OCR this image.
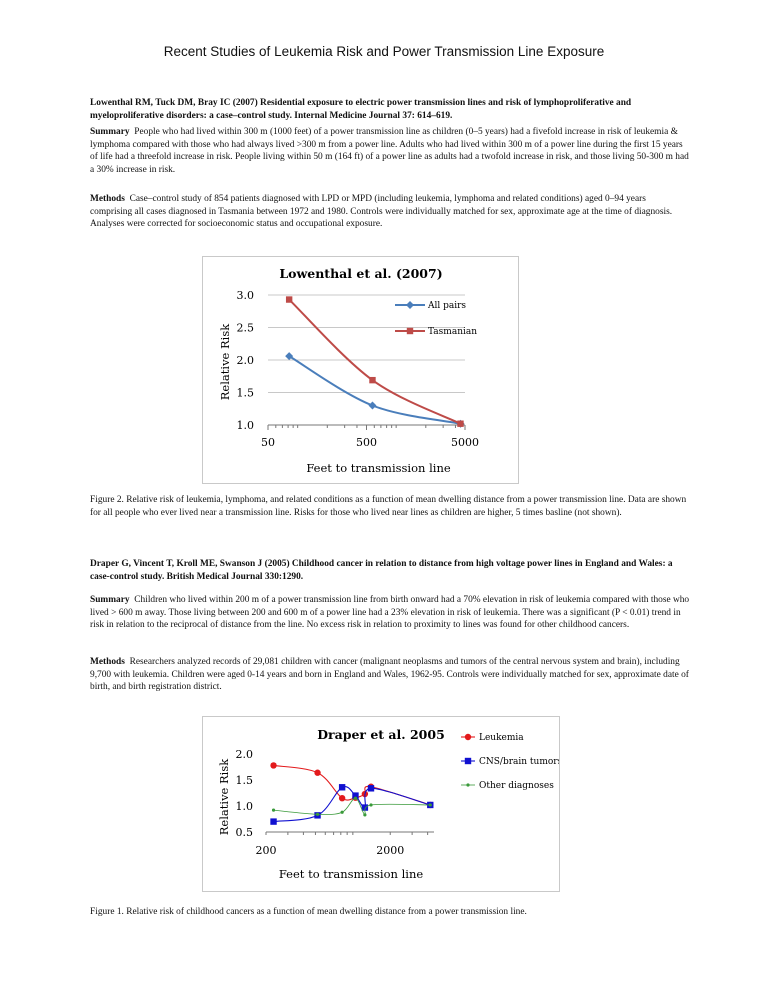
Recent Studies of Leukemia Risk and Power Transmission Line Exposure
Lowenthal RM, Tuck DM, Bray IC (2007) Residential exposure to electric power transmission lines and risk of lymphoproliferative and myeloproliferative disorders: a case–control study. Internal Medicine Journal 37: 614–619.
Summary People who had lived within 300 m (1000 feet) of a power transmission line as children (0–5 years) had a fivefold increase in risk of leukemia & lymphoma compared with those who had always lived >300 m from a power line. Adults who had lived within 300 m of a power line during the first 15 years of life had a threefold increase in risk. People living within 50 m (164 ft) of a power line as adults had a twofold increase in risk, and those living 50-300 m had a 30% increase in risk.
Methods Case–control study of 854 patients diagnosed with LPD or MPD (including leukemia, lymphoma and related conditions) aged 0–94 years comprising all cases diagnosed in Tasmania between 1972 and 1980. Controls were individually matched for sex, approximate age at the time of diagnosis. Analyses were corrected for socioeconomic status and occupational exposure.
Lowenthal et al. (2007)
1.0
1.5
2.0
2.5
3.0
50	500	5000
Feet to transmission line
Relative Risk
All pairs
Tasmanian
Figure 2. Relative risk of leukemia, lymphoma, and related conditions as a function of mean dwelling distance from a power transmission line. Data are shown for all people who ever lived near a transmission line. Risks for those who lived near lines as children are higher, 5 times basline (not shown).
Draper G, Vincent T, Kroll ME, Swanson J (2005) Childhood cancer in relation to distance from high voltage power lines in England and Wales: a case-control study. British Medical Journal 330:1290.
Summary Children who lived within 200 m of a power transmission line from birth onward had a 70% elevation in risk of leukemia compared with those who lived > 600 m away. Those living between 200 and 600 m of a power line had a 23% elevation in risk of leukemia. There was a significant (P < 0.01) trend in risk in relation to the reciprocal of distance from the line. No excess risk in relation to proximity to lines was found for other childhood cancers.
Methods Researchers analyzed records of 29,081 children with cancer (malignant neoplasms and tumors of the central nervous system and brain), including 9,700 with leukemia. Children were aged 0-14 years and born in England and Wales, 1962-95. Controls were individually matched for sex, approximate date of birth, and birth registration district.
Draper et al. 2005
0.5
1.0
1.5
2.0
200	2000
Feet to transmission line
Relative Risk
Leukemia
CNS/brain tumors
Other diagnoses
Figure 1. Relative risk of childhood cancers as a function of mean dwelling distance from a power transmission line.
